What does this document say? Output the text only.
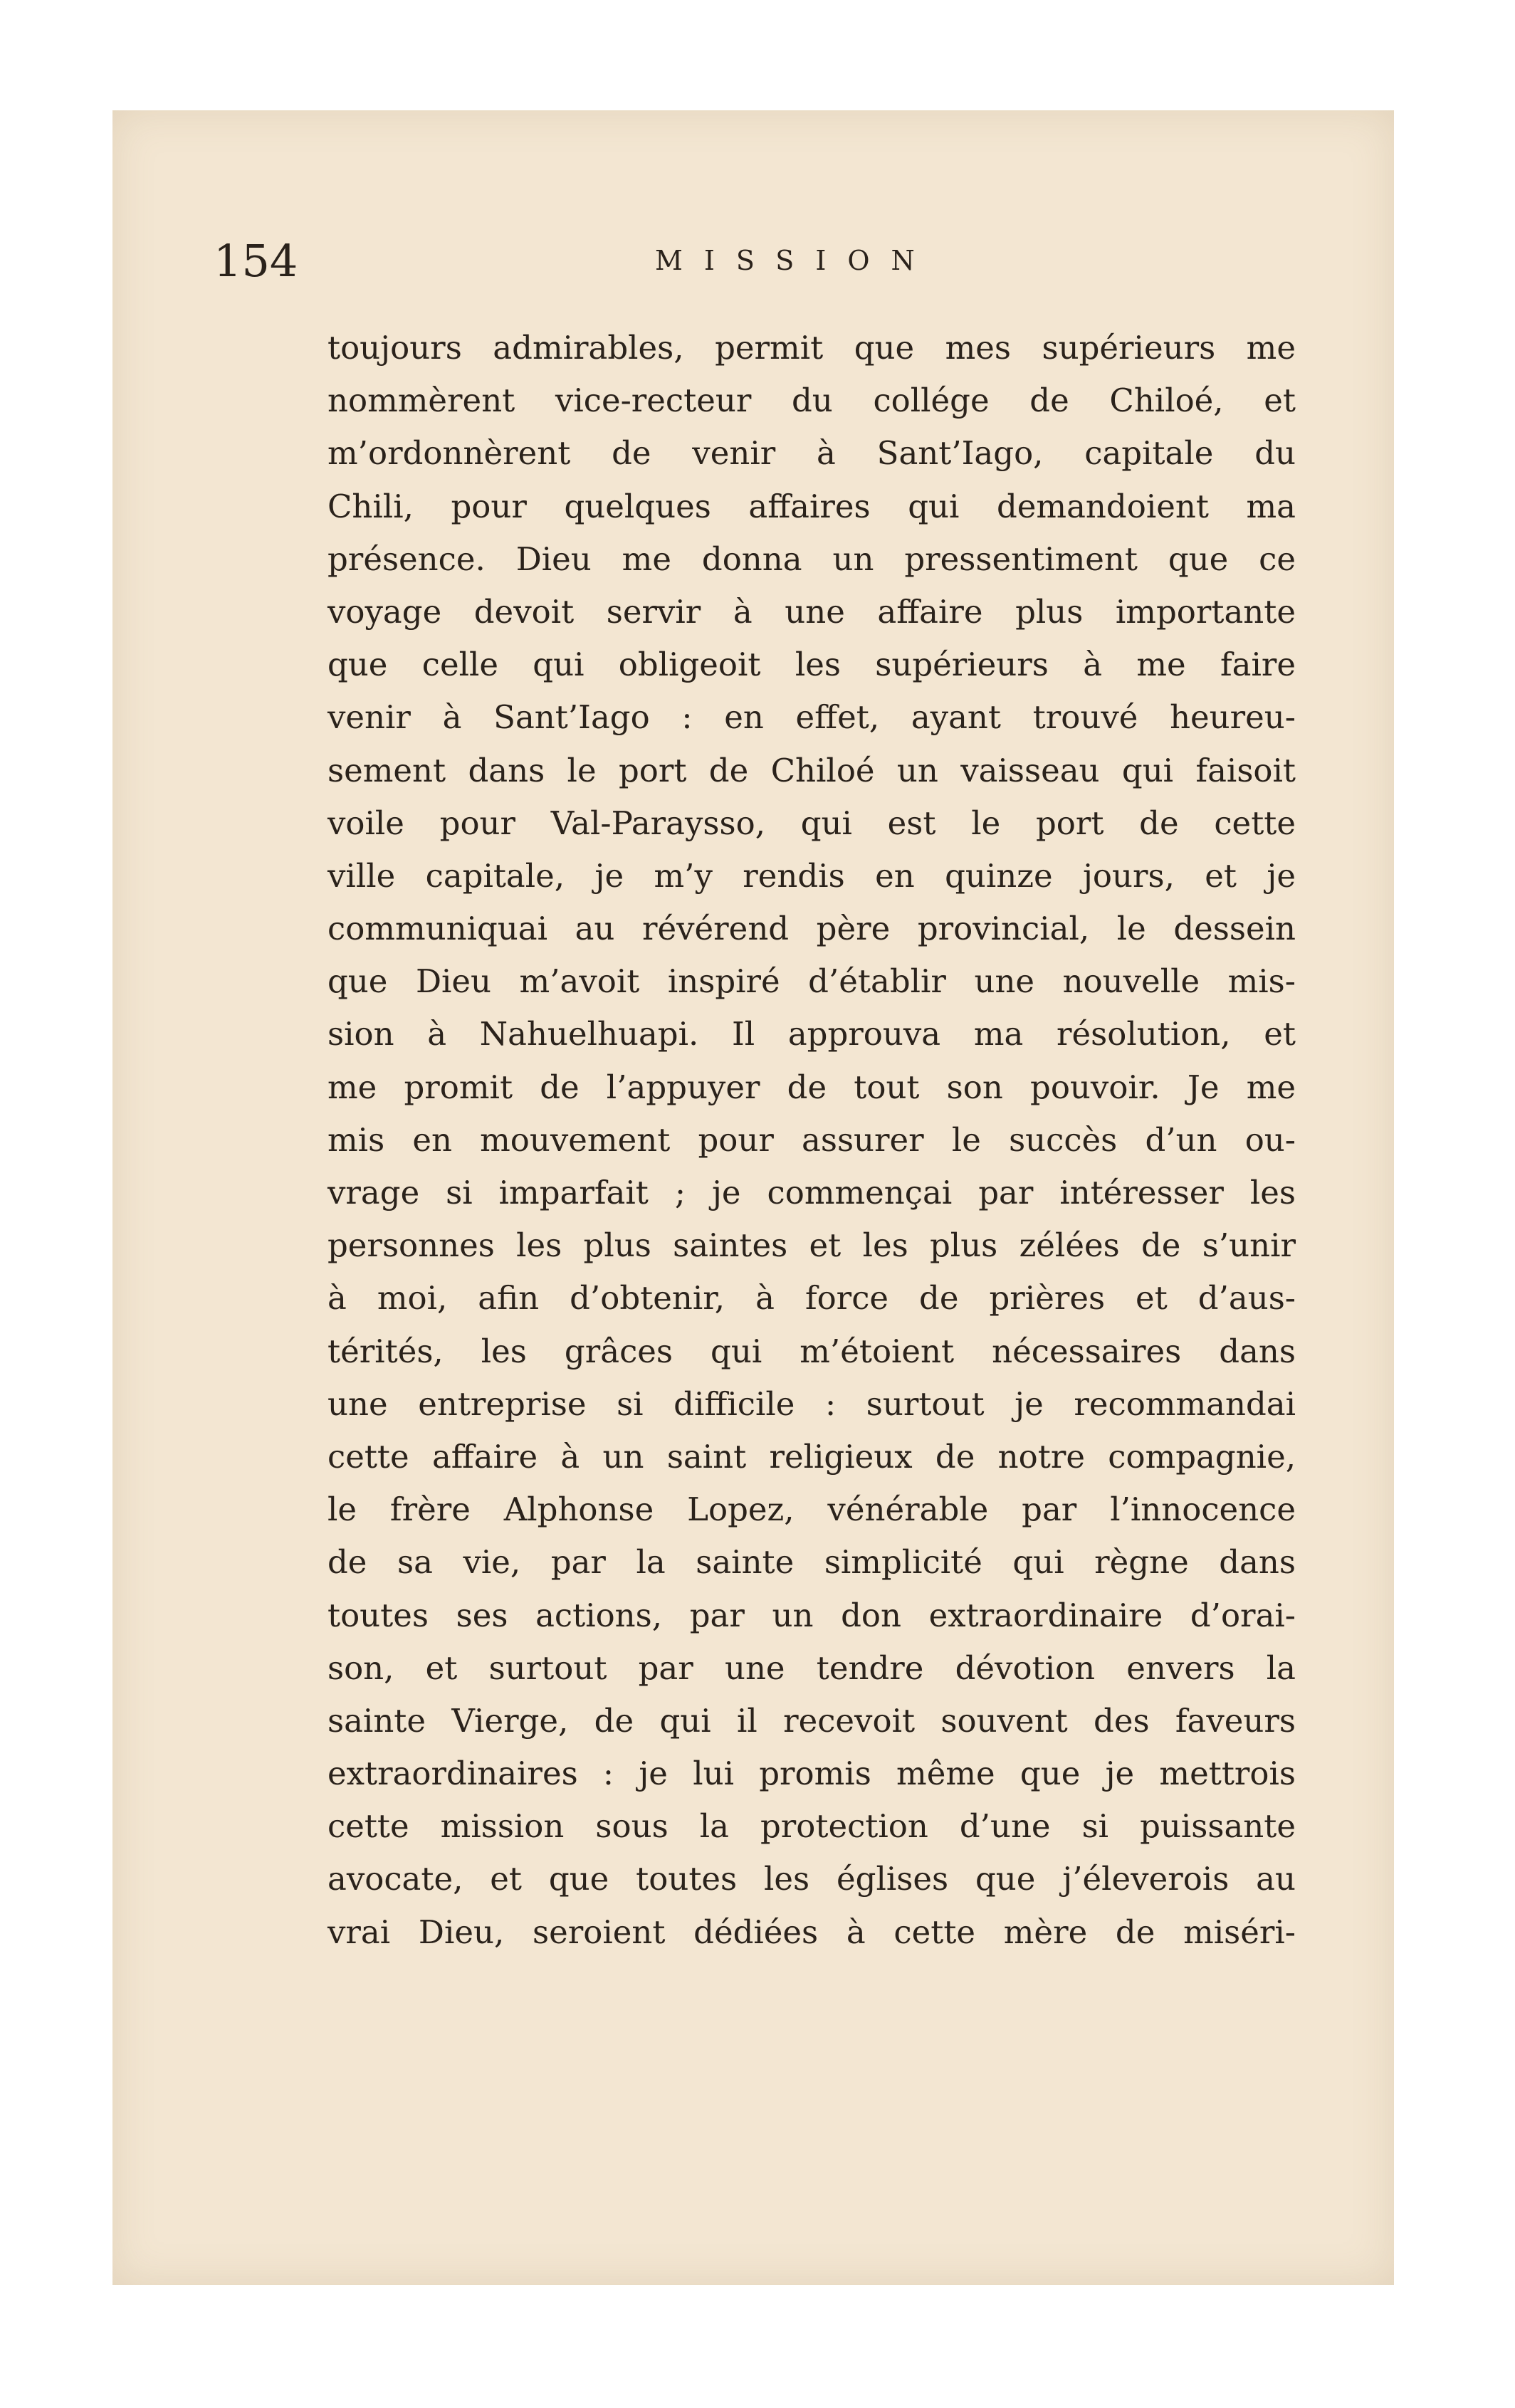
154	MISSION
toujours admirables, permit que mes supérieurs me
nommèrent vice-recteur du collége de Chiloé, et
m’ordonnèrent de venir à Sant’Iago, capitale du
Chili, pour quelques affaires qui demandoient ma
présence. Dieu me donna un pressentiment que ce
voyage devoit servir à une affaire plus importante
que celle qui obligeoit les supérieurs à me faire
venir à Sant’Iago : en effet, ayant trouvé heureu-
sement dans le port de Chiloé un vaisseau qui faisoit
voile pour Val-Paraysso, qui est le port de cette
ville capitale, je m’y rendis en quinze jours, et je
communiquai au révérend père provincial, le dessein
que Dieu m’avoit inspiré d’établir une nouvelle mis-
sion à Nahuelhuapi. Il approuva ma résolution, et
me promit de l’appuyer de tout son pouvoir. Je me
mis en mouvement pour assurer le succès d’un ou-
vrage si imparfait ; je commençai par intéresser les
personnes les plus saintes et les plus zélées de s’unir
à moi, afin d’obtenir, à force de prières et d’aus-
térités, les grâces qui m’étoient nécessaires dans
une entreprise si difficile : surtout je recommandai
cette affaire à un saint religieux de notre compagnie,
le frère Alphonse Lopez, vénérable par l’innocence
de sa vie, par la sainte simplicité qui règne dans
toutes ses actions, par un don extraordinaire d’orai-
son, et surtout par une tendre dévotion envers la
sainte Vierge, de qui il recevoit souvent des faveurs
extraordinaires : je lui promis même que je mettrois
cette mission sous la protection d’une si puissante
avocate, et que toutes les églises que j’éleverois au
vrai Dieu, seroient dédiées à cette mère de miséri-
